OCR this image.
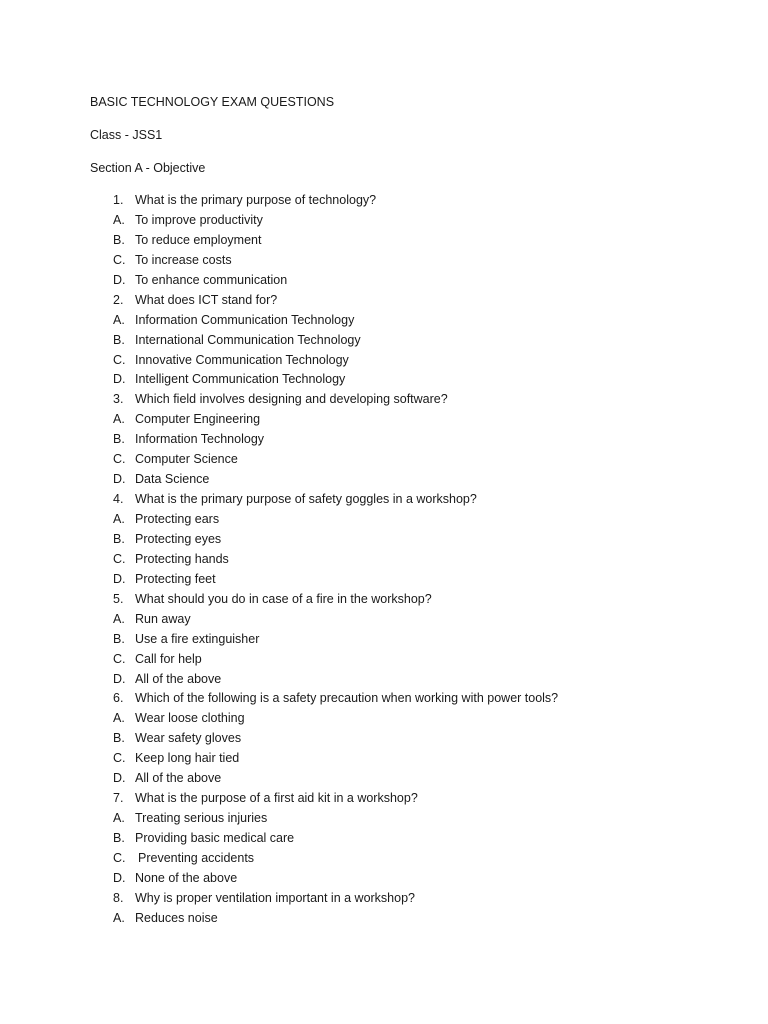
BASIC TECHNOLOGY EXAM QUESTIONS
Class - JSS1
Section A - Objective
1. What is the primary purpose of technology?
A. To improve productivity
B. To reduce employment
C. To increase costs
D. To enhance communication
2. What does ICT stand for?
A. Information Communication Technology
B. International Communication Technology
C. Innovative Communication Technology
D. Intelligent Communication Technology
3. Which field involves designing and developing software?
A. Computer Engineering
B. Information Technology
C. Computer Science
D. Data Science
4. What is the primary purpose of safety goggles in a workshop?
A. Protecting ears
B. Protecting eyes
C. Protecting hands
D. Protecting feet
5. What should you do in case of a fire in the workshop?
A. Run away
B. Use a fire extinguisher
C. Call for help
D. All of the above
6. Which of the following is a safety precaution when working with power tools?
A. Wear loose clothing
B. Wear safety gloves
C. Keep long hair tied
D. All of the above
7. What is the purpose of a first aid kit in a workshop?
A. Treating serious injuries
B. Providing basic medical care
C.	Preventing accidents
D. None of the above
8. Why is proper ventilation important in a workshop?
A. Reduces noise
